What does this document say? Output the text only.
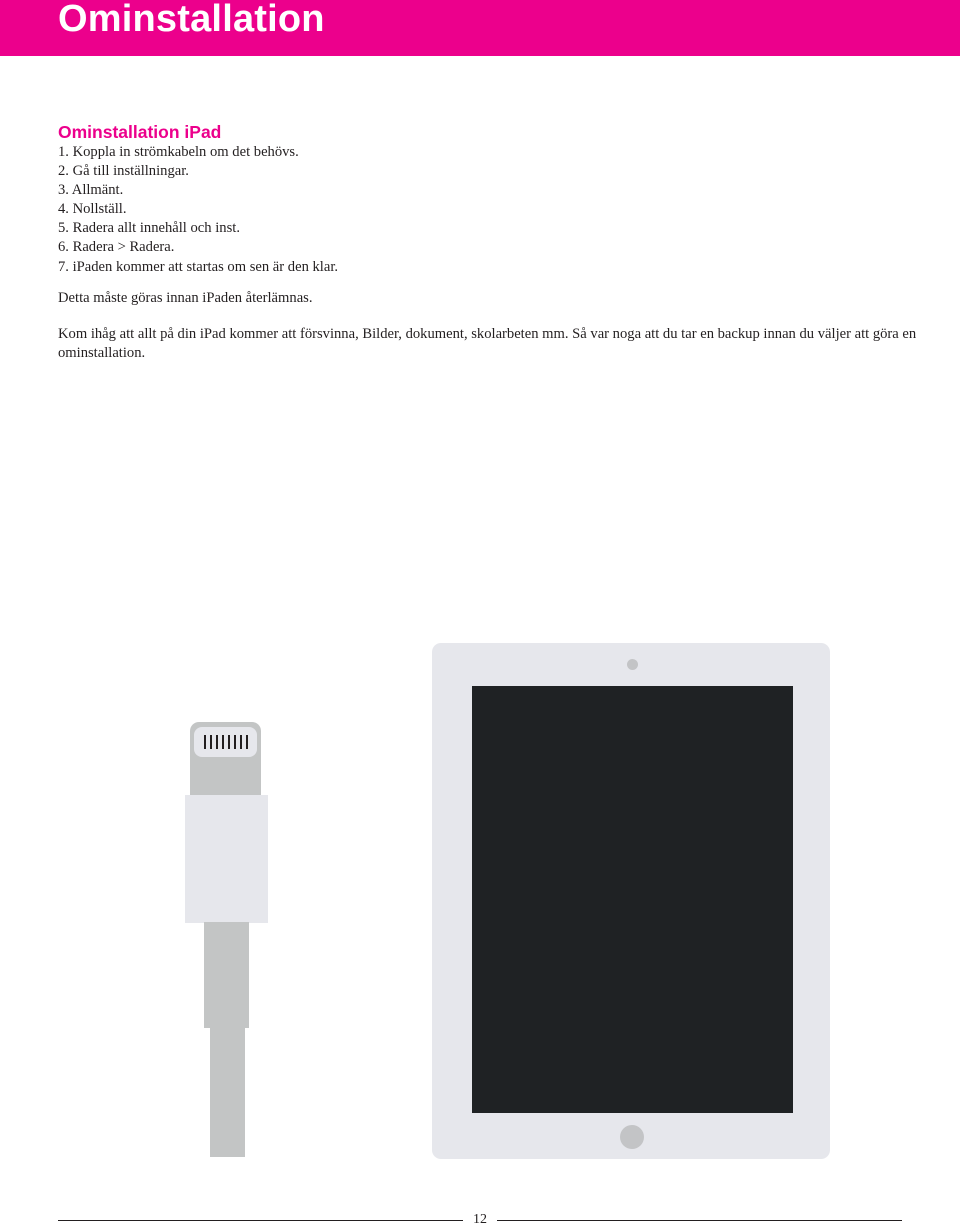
Ominstallation
Ominstallation iPad
1. Koppla in strömkabeln om det behövs.
2. Gå till inställningar.
3. Allmänt.
4. Nollställ.
5. Radera allt innehåll och inst.
6. Radera > Radera.
7. iPaden kommer att startas om sen är den klar.

Detta måste göras innan iPaden återlämnas.

Kom ihåg att allt på din iPad kommer att försvinna, Bilder, dokument, skolarbeten mm. Så var noga att du tar en backup innan du väljer att göra en ominstallation.

12
